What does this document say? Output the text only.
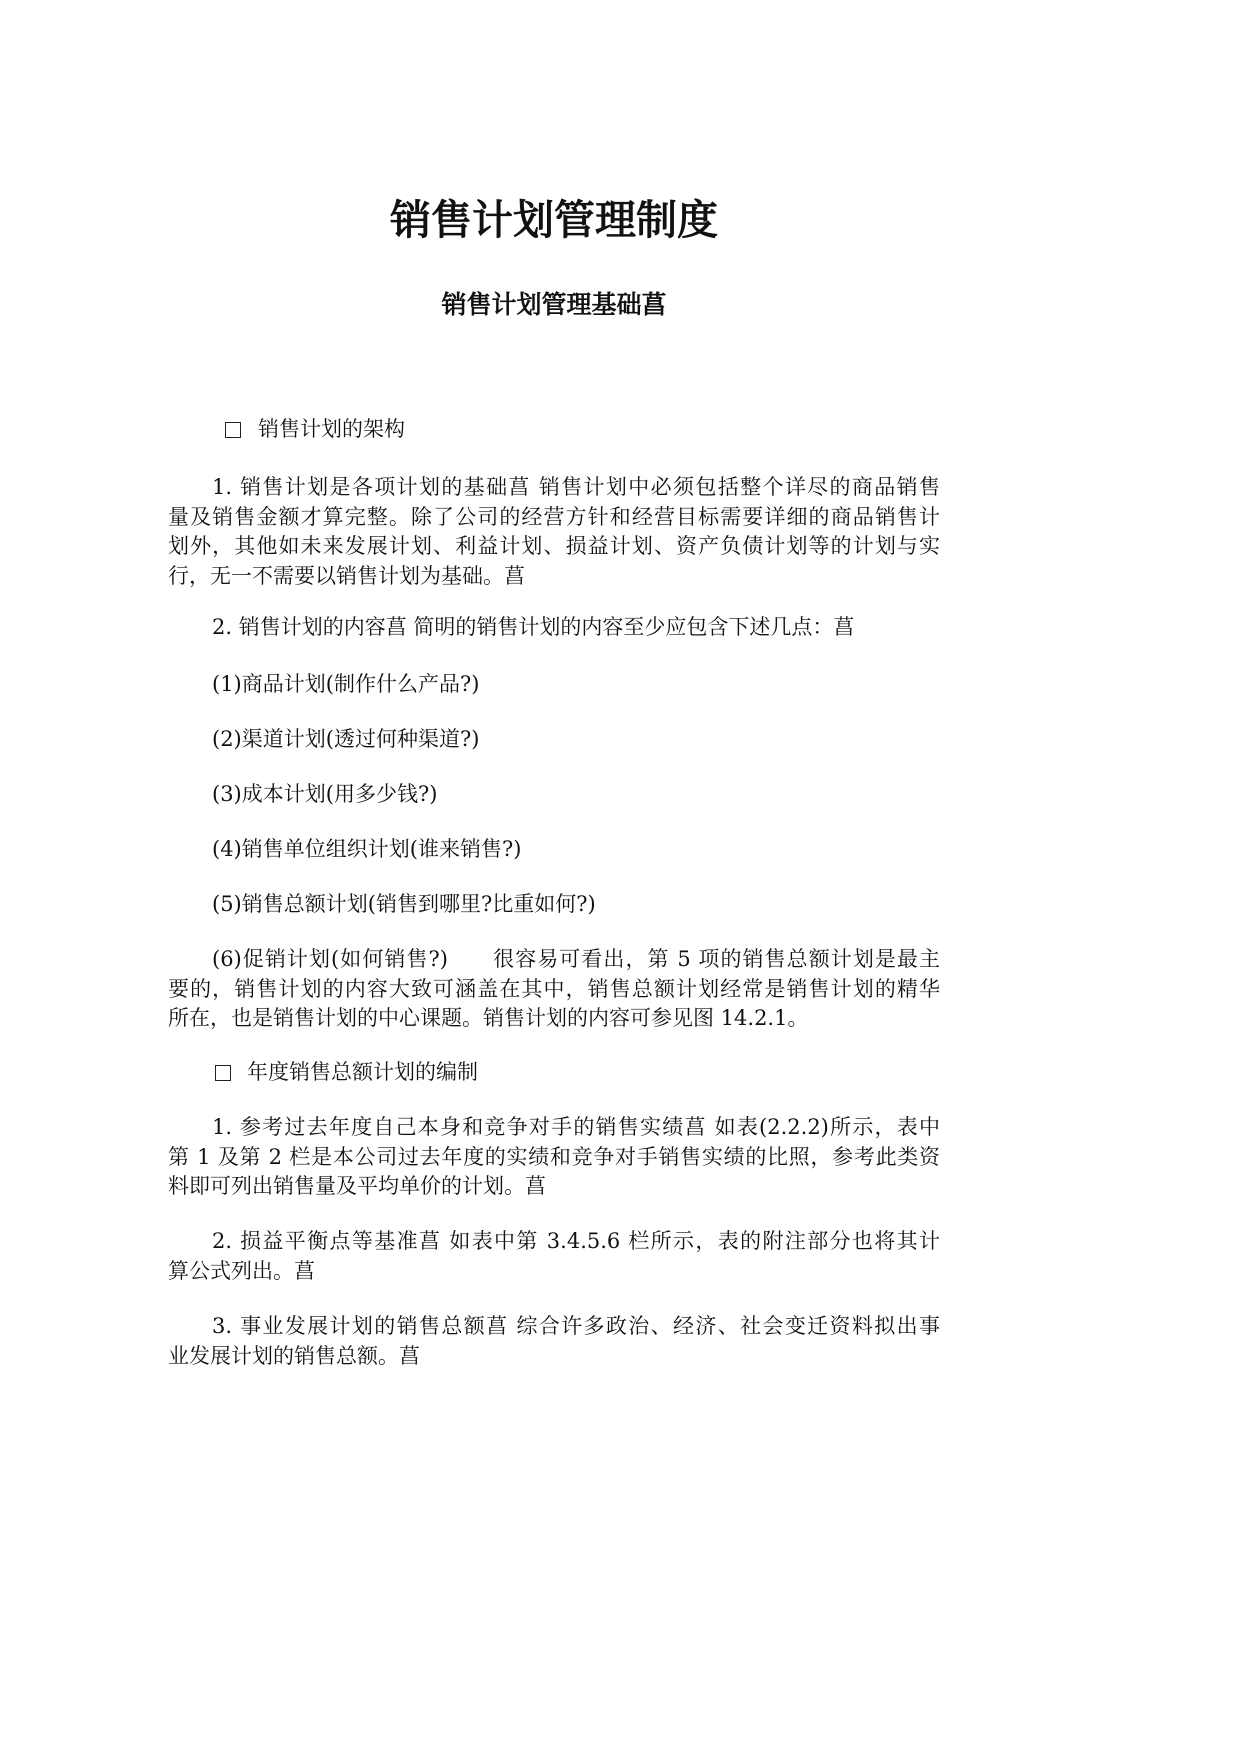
销售计划管理制度
销售计划管理基础菖
销售计划的架构
1. 销售计划是各项计划的基础菖 销售计划中必须包括整个详尽的商品销售
量及销售金额才算完整。除了公司的经营方针和经营目标需要详细的商品销售计
划外，其他如未来发展计划、利益计划、损益计划、资产负债计划等的计划与实
行，无一不需要以销售计划为基础。菖
2. 销售计划的内容菖 简明的销售计划的内容至少应包含下述几点：菖
(1)商品计划(制作什么产品?)
(2)渠道计划(透过何种渠道?)
(3)成本计划(用多少钱?)
(4)销售单位组织计划(谁来销售?)
(5)销售总额计划(销售到哪里?比重如何?)
(6)促销计划(如何销售?)　　很容易可看出，第 5 项的销售总额计划是最主
要的，销售计划的内容大致可涵盖在其中，销售总额计划经常是销售计划的精华
所在，也是销售计划的中心课题。销售计划的内容可参见图 14.2.1。
年度销售总额计划的编制
1. 参考过去年度自己本身和竞争对手的销售实绩菖 如表(2.2.2)所示，表中
第 1 及第 2 栏是本公司过去年度的实绩和竞争对手销售实绩的比照，参考此类资
料即可列出销售量及平均单价的计划。菖
2. 损益平衡点等基准菖 如表中第 3.4.5.6 栏所示，表的附注部分也将其计
算公式列出。菖
3. 事业发展计划的销售总额菖 综合许多政治、经济、社会变迁资料拟出事
业发展计划的销售总额。菖
